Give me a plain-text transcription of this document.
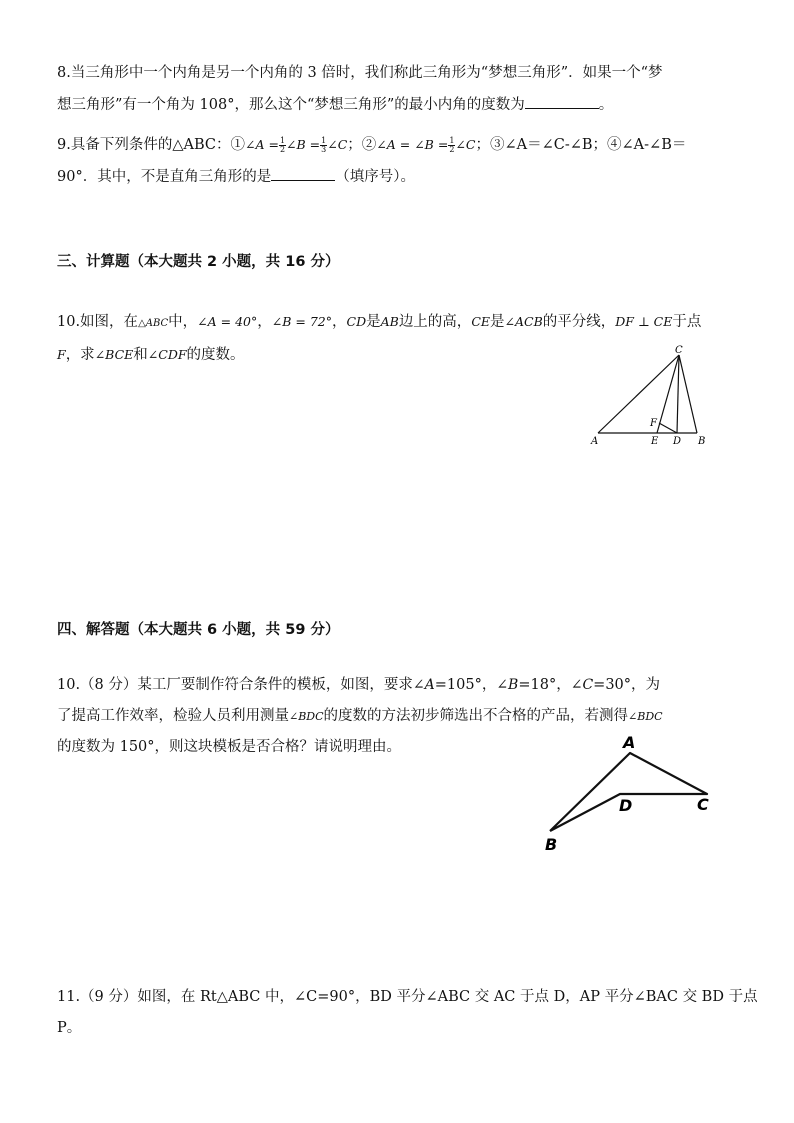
8.当三角形中一个内角是另一个内角的 3 倍时，我们称此三角形为“梦想三角形”．如果一个“梦
想三角形”有一个角为 108°，那么这个“梦想三角形”的最小内角的度数为	。
9.具备下列条件的△ABC：①∠A = $\frac{1}{2}$ ∠B = $\frac{1}{3}$ ∠C；②∠A = ∠B = $\frac{1}{2}$ ∠C；③∠A＝∠C-∠B；④∠A-∠B＝
90°．其中，不是直角三角形的是	（填序号）。
三、计算题（本大题共 2 小题，共 16 分）
10.如图，在△ABC中，∠A = 40°，∠B = 72°，CD是AB边上的高，CE是∠ACB的平分线，DF ⊥ CE于点
F，求∠BCE和∠CDF的度数。	C
A	E D B
F
四、解答题（本大题共 6 小题，共 59 分）
10.（8 分）某工厂要制作符合条件的模板，如图，要求∠A=105°，∠B=18°，∠C=30°，为
了提高工作效率，检验人员利用测量∠BDC的度数的方法初步筛选出不合格的产品，若测得∠BDC
的度数为 150°，则这块模板是否合格？请说明理由。	A
D	C
B
11.（9 分）如图，在 Rt△ABC 中，∠C=90°，BD 平分∠ABC 交 AC 于点 D，AP 平分∠BAC 交 BD 于点
P。
